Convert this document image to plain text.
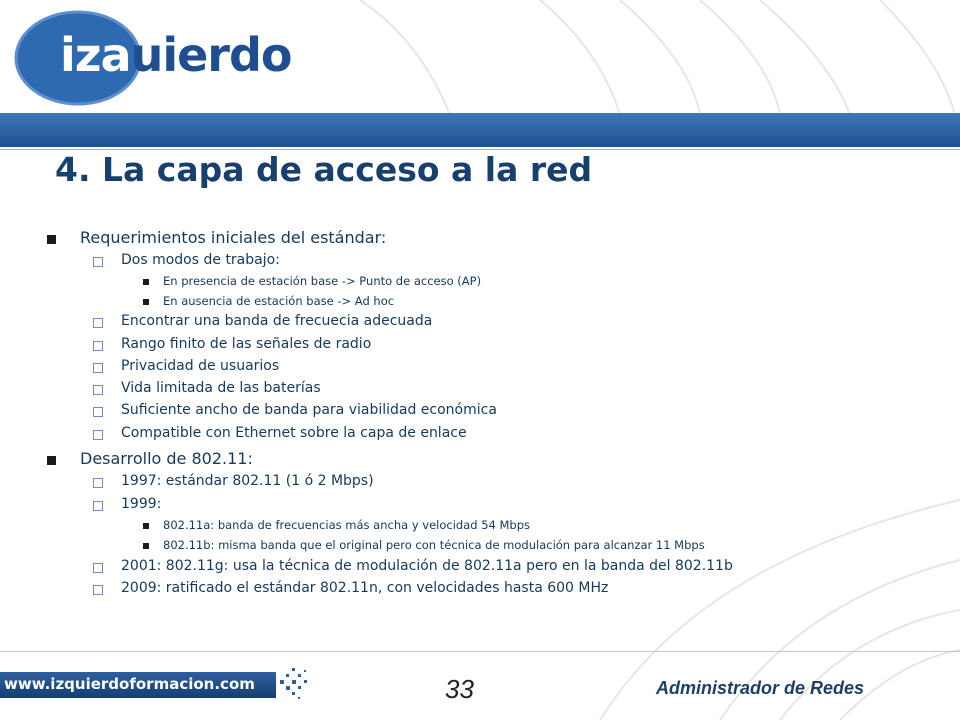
izauierdo
4. La capa de acceso a la red
Requerimientos iniciales del estándar:
Dos modos de trabajo:
En presencia de estación base -> Punto de acceso (AP)
En ausencia de estación base -> Ad hoc
Encontrar una banda de frecuecia adecuada
Rango finito de las señales de radio
Privacidad de usuarios
Vida limitada de las baterías
Suficiente ancho de banda para viabilidad económica
Compatible con Ethernet sobre la capa de enlace
Desarrollo de 802.11:
1997: estándar 802.11 (1 ó 2 Mbps)
1999:
802.11a: banda de frecuencias más ancha y velocidad 54 Mbps
802.11b: misma banda que el original pero con técnica de modulación para alcanzar 11 Mbps
2001: 802.11g: usa la técnica de modulación de 802.11a pero en la banda del 802.11b
2009: ratificado el estándar 802.11n, con velocidades hasta 600 MHz
www.izquierdoformacion.com	33	Administrador de Redes
